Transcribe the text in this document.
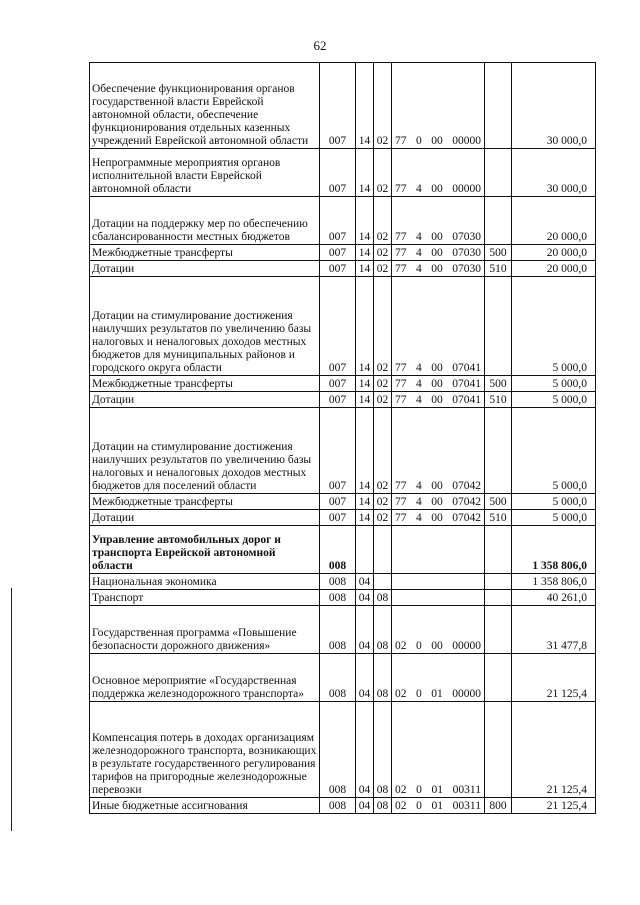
62
Обеспечение функционирования органов государственной власти Еврейской автономной области, обеспечение функционирования отдельных казенных учреждений Еврейской автономной области	007	14	02	77 0 00 00000		30 000,0
Непрограммные мероприятия органов исполнительной власти Еврейской автономной области	007	14	02	77 4 00 00000		30 000,0
Дотации на поддержку мер по обеспечению сбалансированности местных бюджетов	007	14	02	77 4 00 07030		20 000,0
Межбюджетные трансферты	007	14	02	77 4 00 07030	500	20 000,0
Дотации	007	14	02	77 4 00 07030	510	20 000,0
Дотации на стимулирование достижения наилучших результатов по увеличению базы налоговых и неналоговых доходов местных бюджетов для муниципальных районов и городского округа области	007	14	02	77 4 00 07041		5 000,0
Межбюджетные трансферты	007	14	02	77 4 00 07041	500	5 000,0
Дотации	007	14	02	77 4 00 07041	510	5 000,0
Дотации на стимулирование достижения наилучших результатов по увеличению базы налоговых и неналоговых доходов местных бюджетов для поселений области	007	14	02	77 4 00 07042		5 000,0
Межбюджетные трансферты	007	14	02	77 4 00 07042	500	5 000,0
Дотации	007	14	02	77 4 00 07042	510	5 000,0
Управление автомобильных дорог и транспорта Еврейской автономной области	008					1 358 806,0
Национальная экономика	008	04				1 358 806,0
Транспорт	008	04	08			40 261,0
Государственная программа «Повышение безопасности дорожного движения»	008	04	08	02 0 00 00000		31 477,8
Основное мероприятие «Государственная поддержка железнодорожного транспорта»	008	04	08	02 0 01 00000		21 125,4
Компенсация потерь в доходах организациям железнодорожного транспорта, возникающих в результате государственного регулирования тарифов на пригородные железнодорожные перевозки	008	04	08	02 0 01 00311		21 125,4
Иные бюджетные ассигнования	008	04	08	02 0 01 00311	800	21 125,4
